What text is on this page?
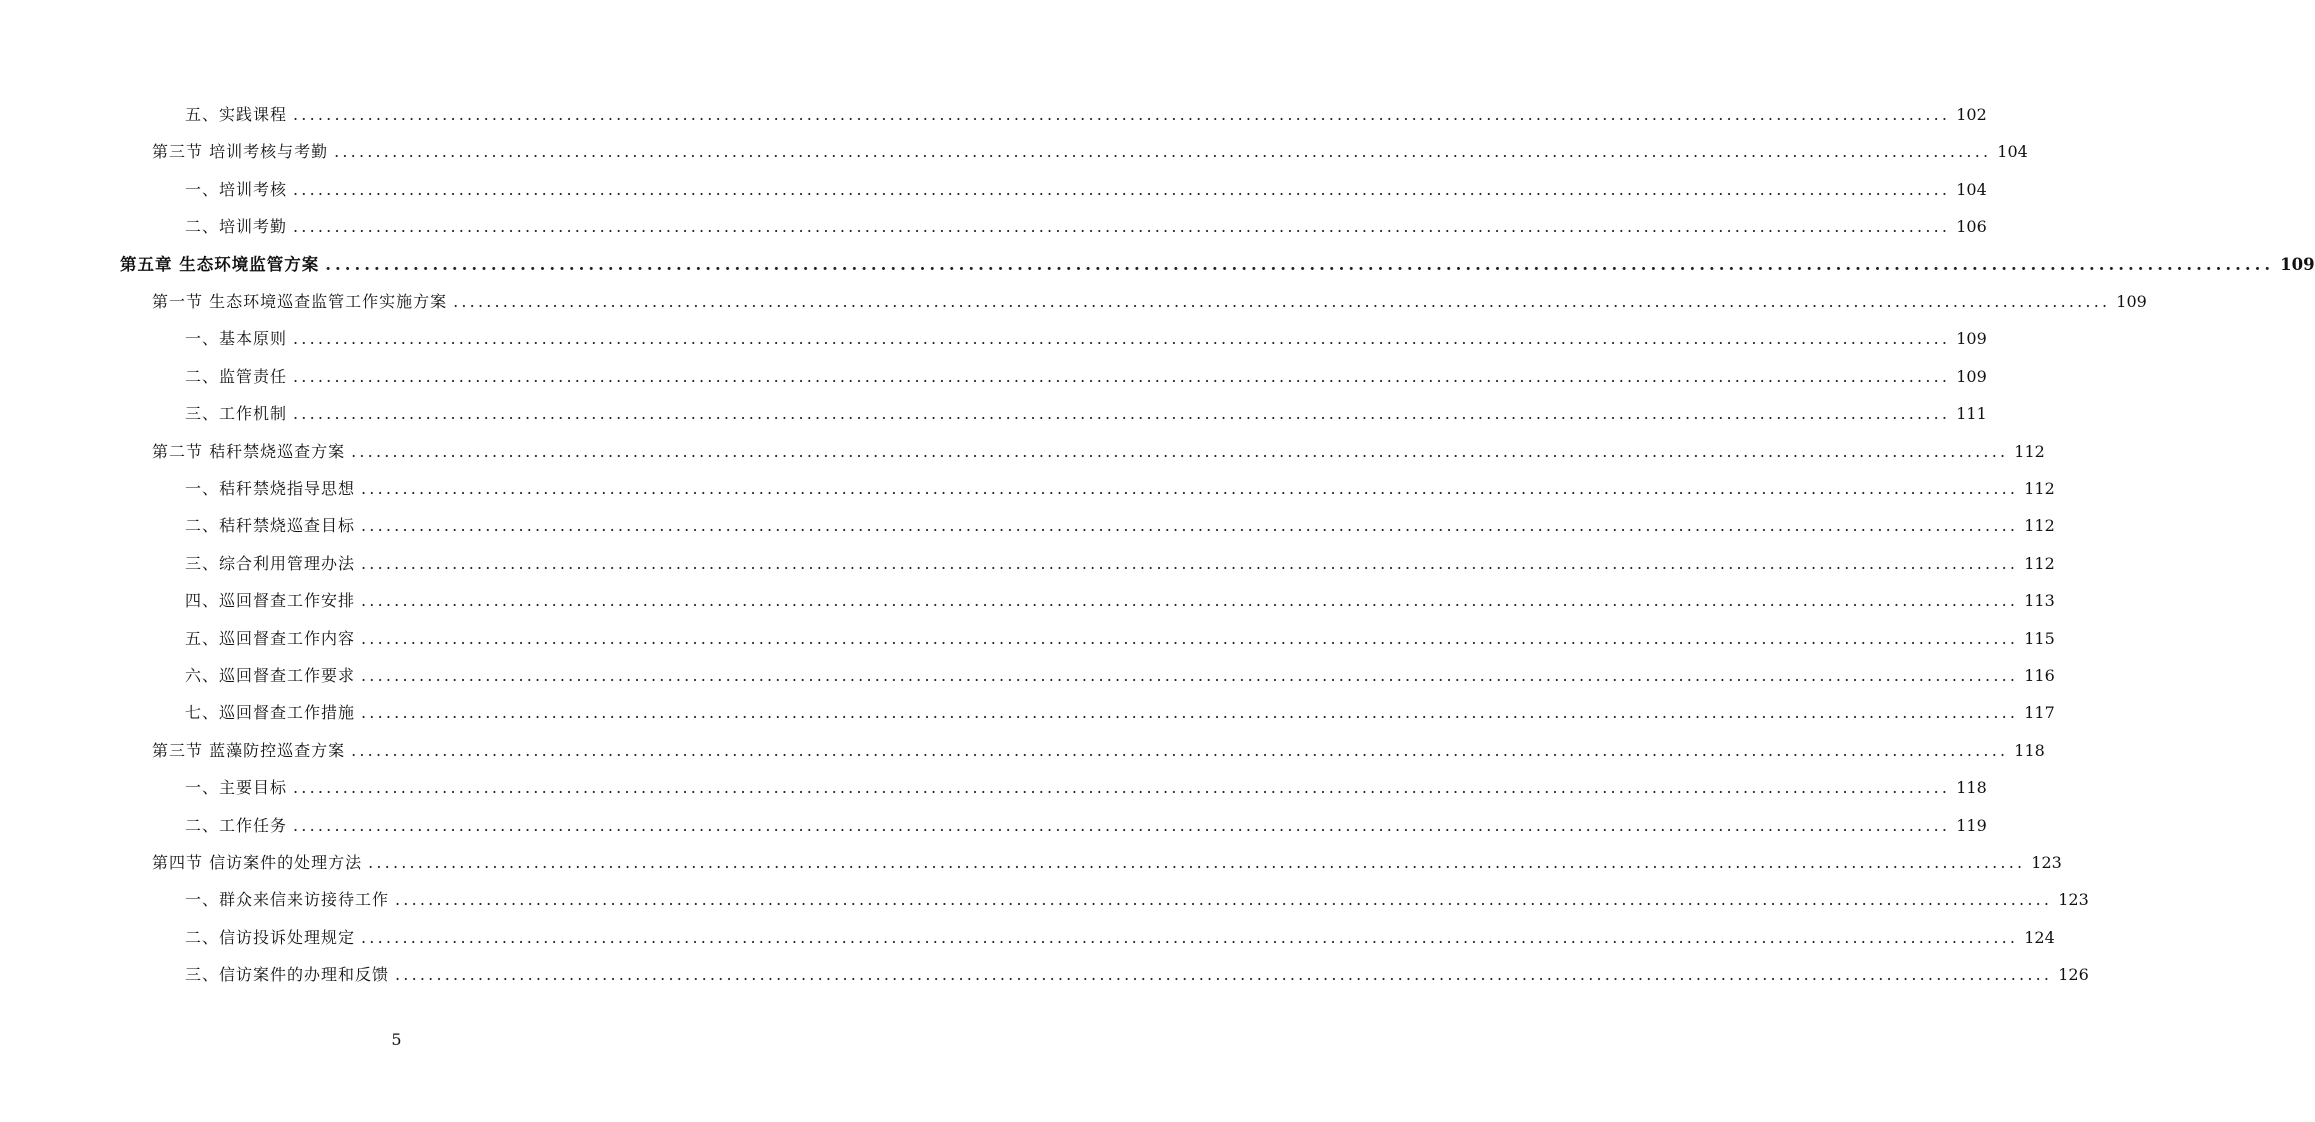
五、实践课程 ........................................................................................................................................................................................................ 102
第三节 培训考核与考勤 ........................................................................................................................................................................................................ 104
一、培训考核 ........................................................................................................................................................................................................ 104
二、培训考勤 ........................................................................................................................................................................................................ 106
第五章 生态环境监管方案 ........................................................................................................................................................................................................ 109
第一节 生态环境巡查监管工作实施方案 ........................................................................................................................................................................................................ 109
一、基本原则 ........................................................................................................................................................................................................ 109
二、监管责任 ........................................................................................................................................................................................................ 109
三、工作机制 ........................................................................................................................................................................................................ 111
第二节 秸秆禁烧巡查方案 ........................................................................................................................................................................................................ 112
一、秸秆禁烧指导思想 ........................................................................................................................................................................................................ 112
二、秸秆禁烧巡查目标 ........................................................................................................................................................................................................ 112
三、综合利用管理办法 ........................................................................................................................................................................................................ 112
四、巡回督查工作安排 ........................................................................................................................................................................................................ 113
五、巡回督查工作内容 ........................................................................................................................................................................................................ 115
六、巡回督查工作要求 ........................................................................................................................................................................................................ 116
七、巡回督查工作措施 ........................................................................................................................................................................................................ 117
第三节 蓝藻防控巡查方案 ........................................................................................................................................................................................................ 118
一、主要目标 ........................................................................................................................................................................................................ 118
二、工作任务 ........................................................................................................................................................................................................ 119
第四节 信访案件的处理方法 ........................................................................................................................................................................................................ 123
一、群众来信来访接待工作 ........................................................................................................................................................................................................ 123
二、信访投诉处理规定 ........................................................................................................................................................................................................ 124
三、信访案件的办理和反馈 ........................................................................................................................................................................................................ 126
5
